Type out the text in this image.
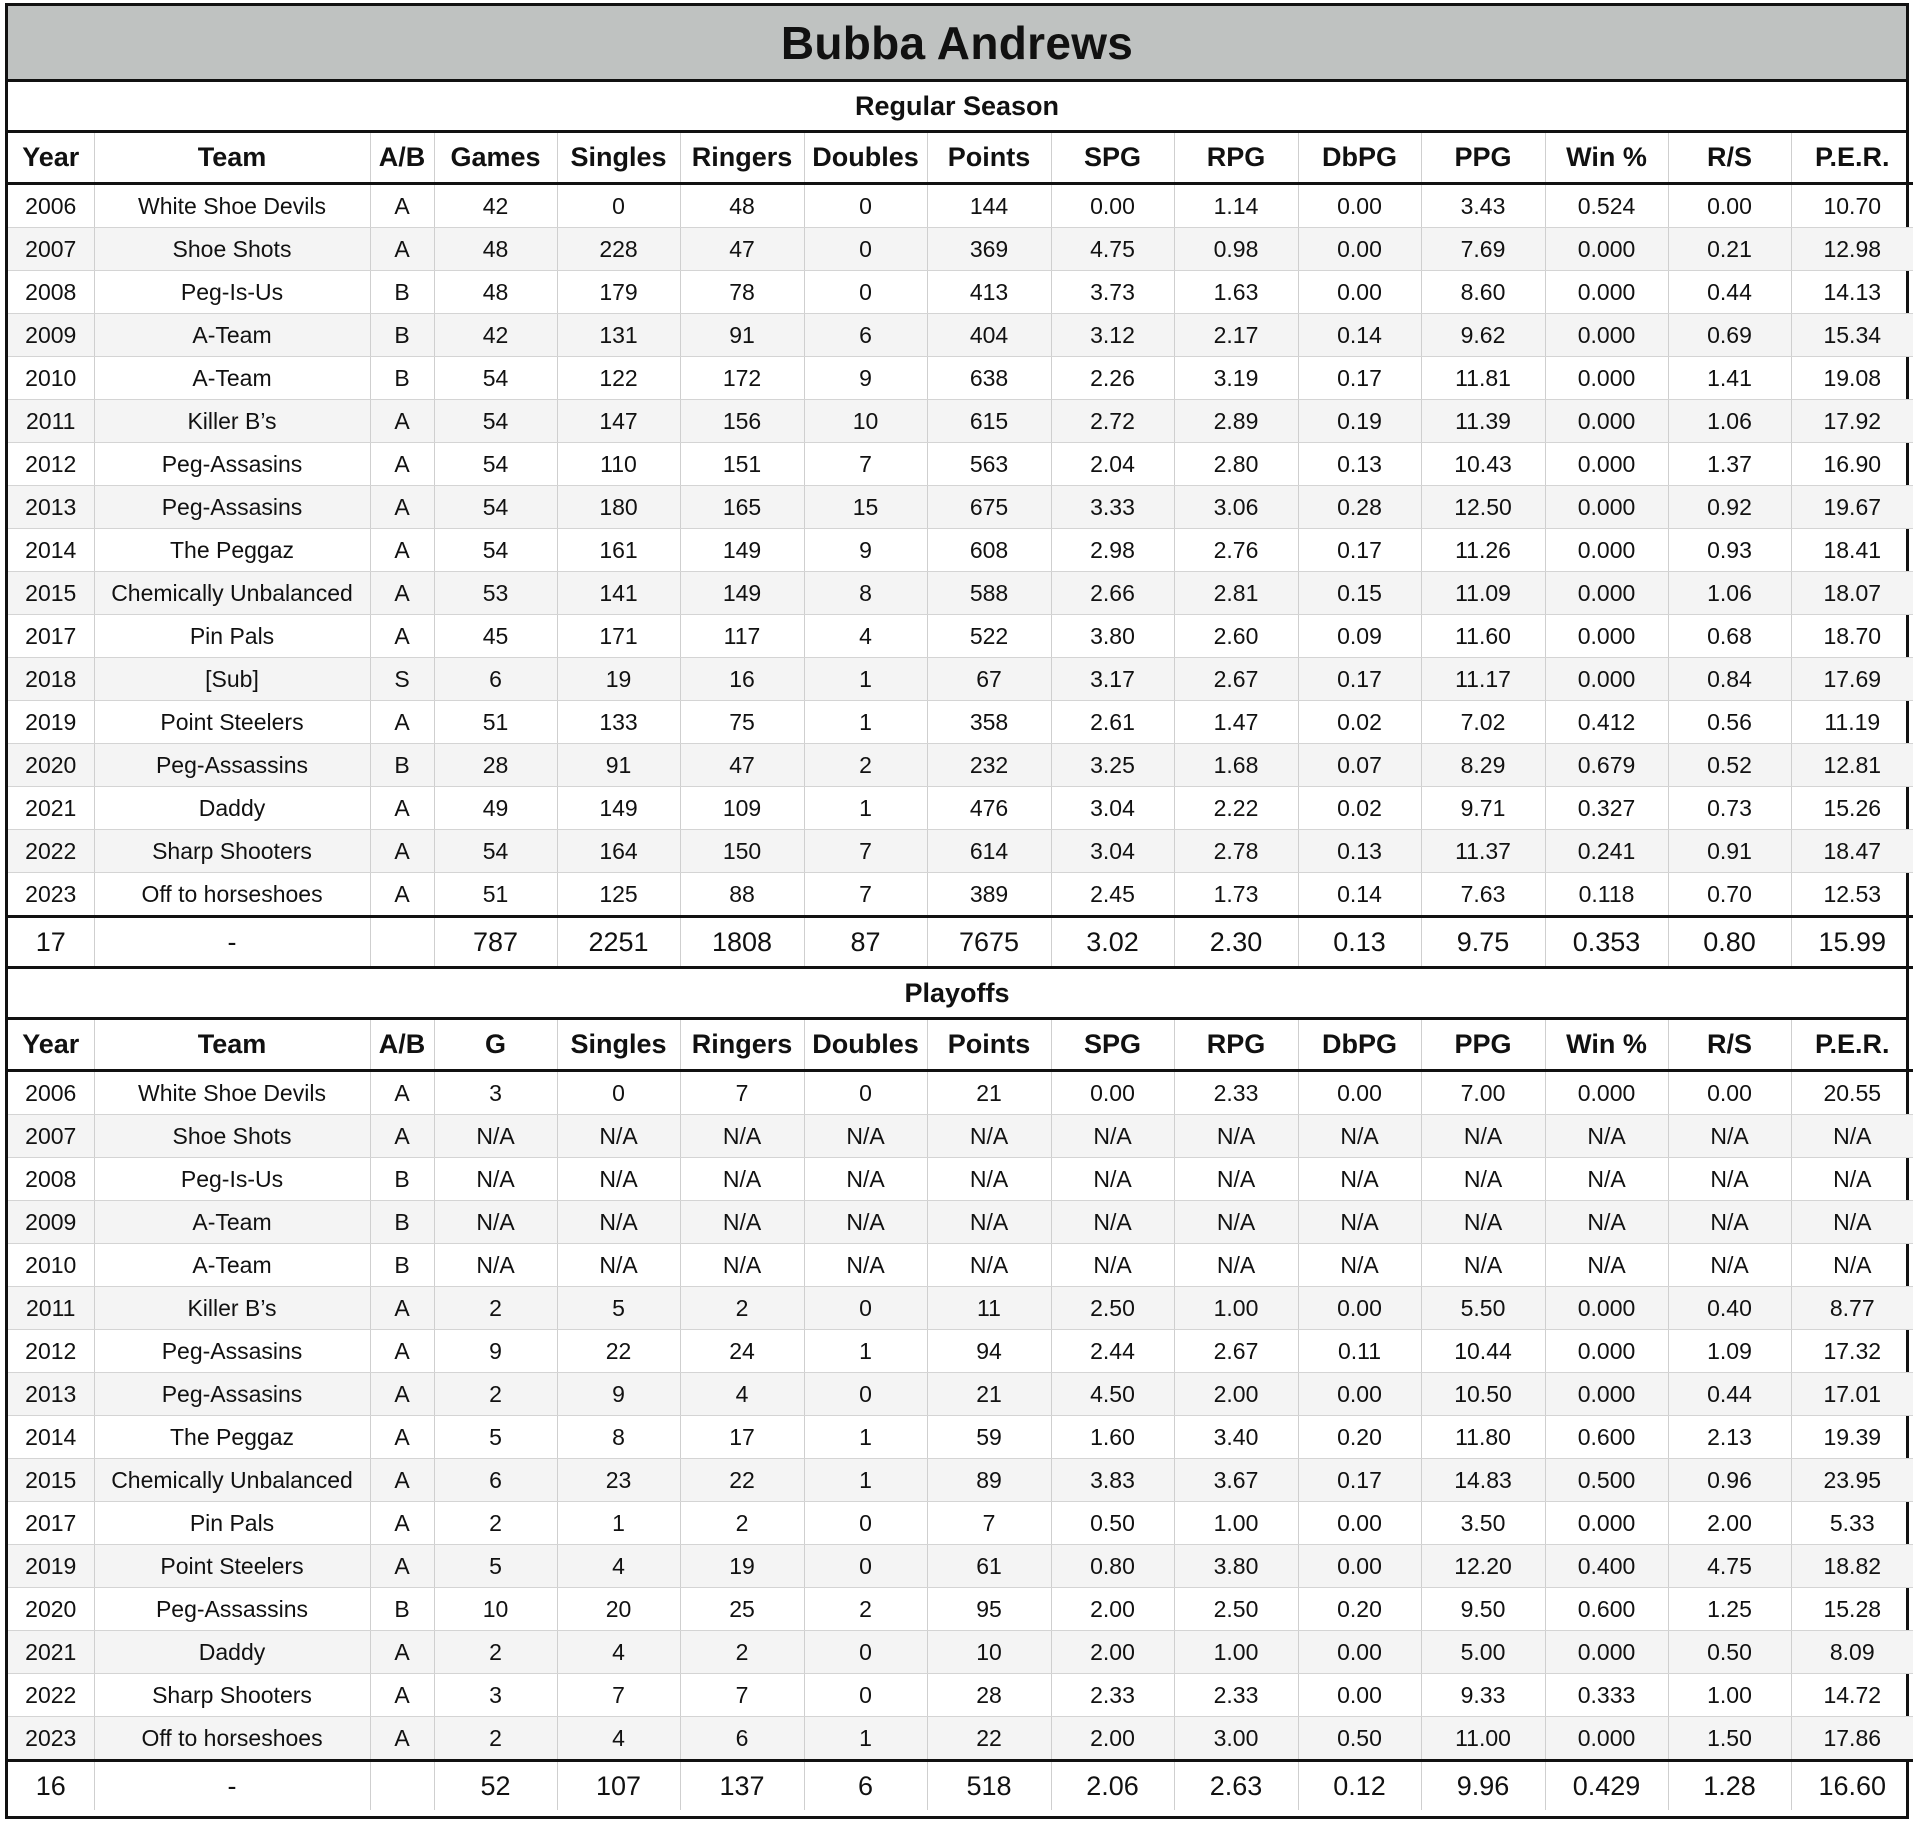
Bubba Andrews
Regular Season
Year	Team	A/B	Games	Singles	Ringers	Doubles	Points	SPG	RPG	DbPG	PPG	Win %	R/S	P.E.R.
2006	White Shoe Devils	A	42	0	48	0	144	0.00	1.14	0.00	3.43	0.524	0.00	10.70
2007	Shoe Shots	A	48	228	47	0	369	4.75	0.98	0.00	7.69	0.000	0.21	12.98
2008	Peg-Is-Us	B	48	179	78	0	413	3.73	1.63	0.00	8.60	0.000	0.44	14.13
2009	A-Team	B	42	131	91	6	404	3.12	2.17	0.14	9.62	0.000	0.69	15.34
2010	A-Team	B	54	122	172	9	638	2.26	3.19	0.17	11.81	0.000	1.41	19.08
2011	Killer B’s	A	54	147	156	10	615	2.72	2.89	0.19	11.39	0.000	1.06	17.92
2012	Peg-Assasins	A	54	110	151	7	563	2.04	2.80	0.13	10.43	0.000	1.37	16.90
2013	Peg-Assasins	A	54	180	165	15	675	3.33	3.06	0.28	12.50	0.000	0.92	19.67
2014	The Peggaz	A	54	161	149	9	608	2.98	2.76	0.17	11.26	0.000	0.93	18.41
2015	Chemically Unbalanced	A	53	141	149	8	588	2.66	2.81	0.15	11.09	0.000	1.06	18.07
2017	Pin Pals	A	45	171	117	4	522	3.80	2.60	0.09	11.60	0.000	0.68	18.70
2018	[Sub]	S	6	19	16	1	67	3.17	2.67	0.17	11.17	0.000	0.84	17.69
2019	Point Steelers	A	51	133	75	1	358	2.61	1.47	0.02	7.02	0.412	0.56	11.19
2020	Peg-Assassins	B	28	91	47	2	232	3.25	1.68	0.07	8.29	0.679	0.52	12.81
2021	Daddy	A	49	149	109	1	476	3.04	2.22	0.02	9.71	0.327	0.73	15.26
2022	Sharp Shooters	A	54	164	150	7	614	3.04	2.78	0.13	11.37	0.241	0.91	18.47
2023	Off to horseshoes	A	51	125	88	7	389	2.45	1.73	0.14	7.63	0.118	0.70	12.53
17	-		787	2251	1808	87	7675	3.02	2.30	0.13	9.75	0.353	0.80	15.99
Playoffs
Year	Team	A/B	G	Singles	Ringers	Doubles	Points	SPG	RPG	DbPG	PPG	Win %	R/S	P.E.R.
2006	White Shoe Devils	A	3	0	7	0	21	0.00	2.33	0.00	7.00	0.000	0.00	20.55
2007	Shoe Shots	A	N/A	N/A	N/A	N/A	N/A	N/A	N/A	N/A	N/A	N/A	N/A	N/A
2008	Peg-Is-Us	B	N/A	N/A	N/A	N/A	N/A	N/A	N/A	N/A	N/A	N/A	N/A	N/A
2009	A-Team	B	N/A	N/A	N/A	N/A	N/A	N/A	N/A	N/A	N/A	N/A	N/A	N/A
2010	A-Team	B	N/A	N/A	N/A	N/A	N/A	N/A	N/A	N/A	N/A	N/A	N/A	N/A
2011	Killer B’s	A	2	5	2	0	11	2.50	1.00	0.00	5.50	0.000	0.40	8.77
2012	Peg-Assasins	A	9	22	24	1	94	2.44	2.67	0.11	10.44	0.000	1.09	17.32
2013	Peg-Assasins	A	2	9	4	0	21	4.50	2.00	0.00	10.50	0.000	0.44	17.01
2014	The Peggaz	A	5	8	17	1	59	1.60	3.40	0.20	11.80	0.600	2.13	19.39
2015	Chemically Unbalanced	A	6	23	22	1	89	3.83	3.67	0.17	14.83	0.500	0.96	23.95
2017	Pin Pals	A	2	1	2	0	7	0.50	1.00	0.00	3.50	0.000	2.00	5.33
2019	Point Steelers	A	5	4	19	0	61	0.80	3.80	0.00	12.20	0.400	4.75	18.82
2020	Peg-Assassins	B	10	20	25	2	95	2.00	2.50	0.20	9.50	0.600	1.25	15.28
2021	Daddy	A	2	4	2	0	10	2.00	1.00	0.00	5.00	0.000	0.50	8.09
2022	Sharp Shooters	A	3	7	7	0	28	2.33	2.33	0.00	9.33	0.333	1.00	14.72
2023	Off to horseshoes	A	2	4	6	1	22	2.00	3.00	0.50	11.00	0.000	1.50	17.86
16	-		52	107	137	6	518	2.06	2.63	0.12	9.96	0.429	1.28	16.60
